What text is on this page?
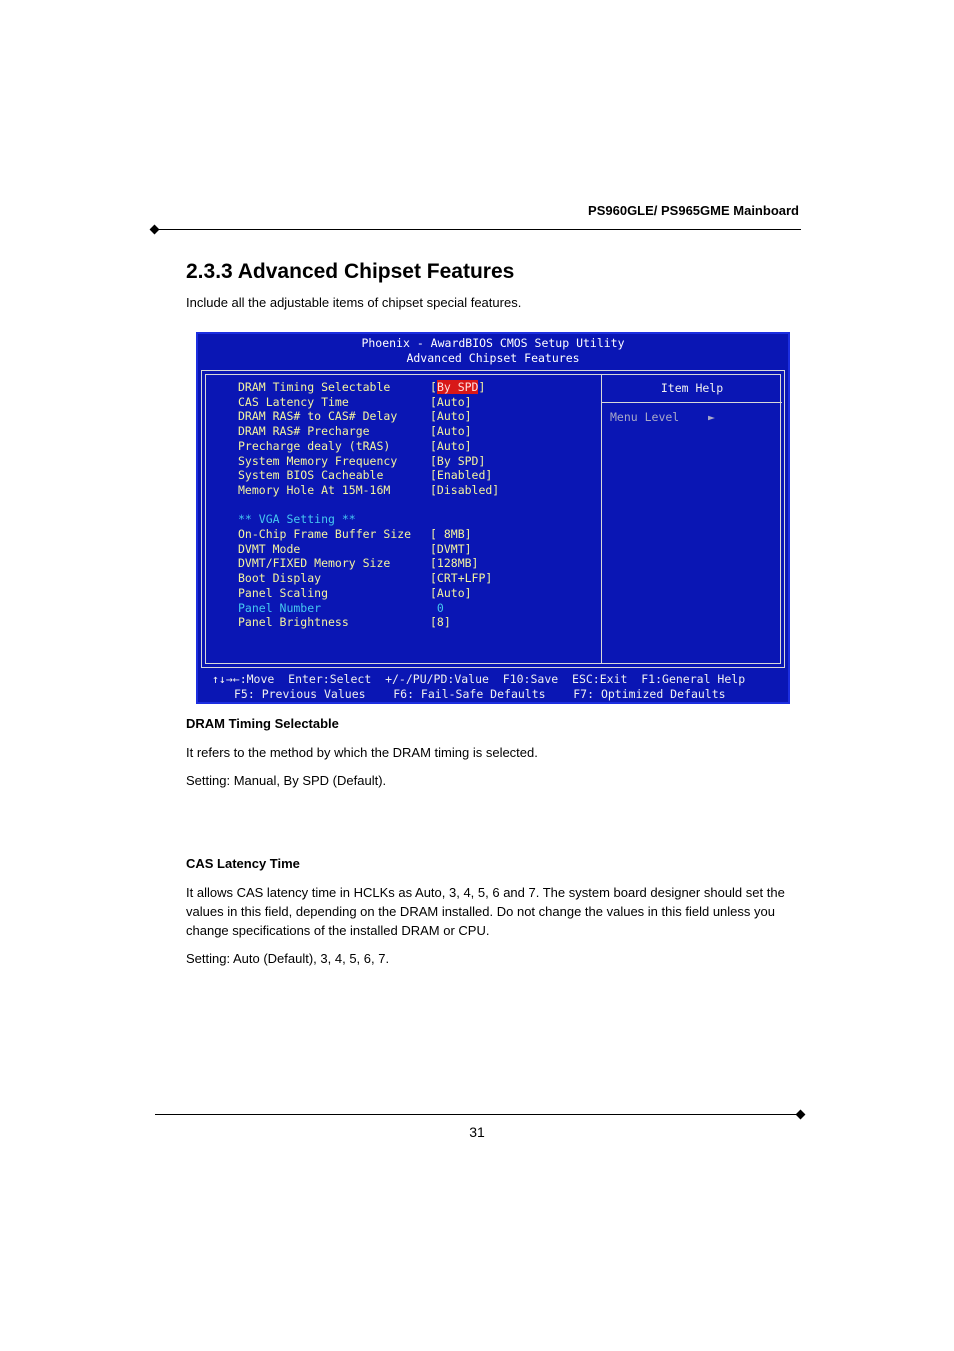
PS960GLE/ PS965GME Mainboard
2.3.3 Advanced Chipset Features
Include all the adjustable items of chipset special features.
Phoenix - AwardBIOS CMOS Setup Utility
Advanced Chipset Features
Item Help
Menu Level	►
DRAM Timing Selectable	[By SPD]
CAS Latency Time	[Auto]
DRAM RAS# to CAS# Delay	[Auto]
DRAM RAS# Precharge	[Auto]
Precharge dealy (tRAS)	[Auto]
System Memory Frequency	[By SPD]
System BIOS Cacheable	[Enabled]
Memory Hole At 15M-16M	[Disabled]
** VGA Setting **
On-Chip Frame Buffer Size [ 8MB]
DVMT Mode	[DVMT]
DVMT/FIXED Memory Size	[128MB]
Boot Display	[CRT+LFP]
Panel Scaling	[Auto]
Panel Number	0
Panel Brightness	[8]
↑↓→←:Move  Enter:Select  +/-/PU/PD:Value  F10:Save  ESC:Exit  F1:General Help
F5: Previous Values    F6: Fail-Safe Defaults    F7: Optimized Defaults
DRAM Timing Selectable
It refers to the method by which the DRAM timing is selected.
Setting: Manual, By SPD (Default).
CAS Latency Time
It allows CAS latency time in HCLKs as Auto, 3, 4, 5, 6 and 7. The system board designer should set the values in this field, depending on the DRAM installed. Do not change the values in this field unless you change specifications of the installed DRAM or CPU.
Setting: Auto (Default), 3, 4, 5, 6, 7.
31
